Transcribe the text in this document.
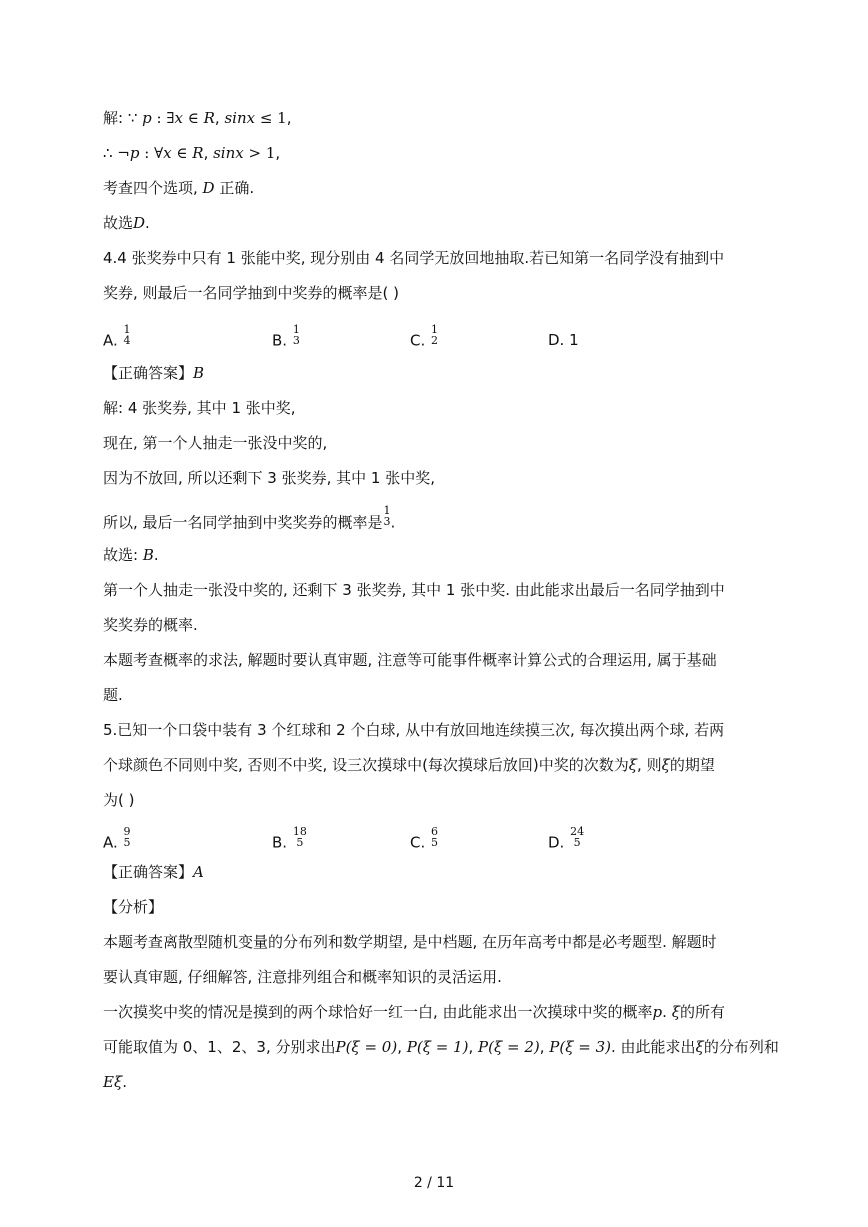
解: ∵ p : ∃x ∈ R, sinx ≤ 1,
∴ ¬p : ∀x ∈ R, sinx > 1,
考查四个选项, D 正确.
故选D.
4.4 张奖券中只有 1 张能中奖, 现分别由 4 名同学无放回地抽取.若已知第一名同学没有抽到中
奖券, 则最后一名同学抽到中奖券的概率是( )
A.
1
4	B.
1
3	C.
1
2	D. 1
【正确答案】B
解: 4 张奖券, 其中 1 张中奖,
现在, 第一个人抽走一张没中奖的,
因为不放回, 所以还剩下 3 张奖券, 其中 1 张中奖,
所以, 最后一名同学抽到中奖奖券的概率是
1
3 .
故选: B.
第一个人抽走一张没中奖的, 还剩下 3 张奖券, 其中 1 张中奖. 由此能求出最后一名同学抽到中
奖奖券的概率.
本题考查概率的求法, 解题时要认真审题, 注意等可能事件概率计算公式的合理运用, 属于基础
题.
5.已知一个口袋中装有 3 个红球和 2 个白球, 从中有放回地连续摸三次, 每次摸出两个球, 若两
个球颜色不同则中奖, 否则不中奖, 设三次摸球中(每次摸球后放回)中奖的次数为ξ, 则ξ的期望
为( )
A.
9
5	B.
18
5	C.
6
5	D.
24
5
【正确答案】A
【分析】
本题考查离散型随机变量的分布列和数学期望, 是中档题, 在历年高考中都是必考题型. 解题时
要认真审题, 仔细解答, 注意排列组合和概率知识的灵活运用.
一次摸奖中奖的情况是摸到的两个球恰好一红一白, 由此能求出一次摸球中奖的概率p. ξ的所有
可能取值为 0、1、2、3, 分别求出P(ξ = 0), P(ξ = 1), P(ξ = 2), P(ξ = 3). 由此能求出ξ的分布列和
Eξ.
2 / 11
